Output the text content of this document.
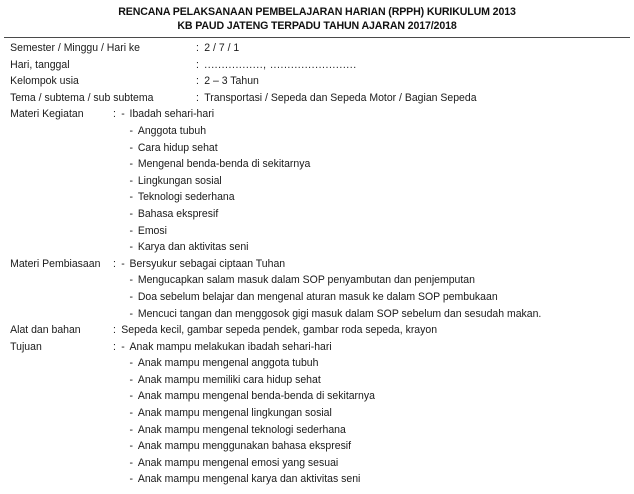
RENCANA PELAKSANAAN PEMBELAJARAN HARIAN (RPPH) KURIKULUM 2013
KB PAUD JATENG TERPADU TAHUN AJARAN 2017/2018
Semester / Minggu / Hari ke	: 2 / 7 / 1
Hari, tanggal	: ................., .........................
Kelompok usia	: 2 – 3 Tahun
Tema / subtema / sub subtema	: Transportasi / Sepeda dan Sepeda Motor / Bagian Sepeda
Materi Kegiatan	: - Ibadah sehari-hari
- Anggota tubuh
- Cara hidup sehat
- Mengenal benda-benda di sekitarnya
- Lingkungan sosial
- Teknologi sederhana
- Bahasa ekspresif
- Emosi
- Karya dan aktivitas seni
Materi Pembiasaan	: - Bersyukur sebagai ciptaan Tuhan
- Mengucapkan salam masuk dalam SOP penyambutan dan penjemputan
- Doa sebelum belajar dan mengenal aturan masuk ke dalam SOP pembukaan
- Mencuci tangan dan menggosok gigi masuk dalam SOP sebelum dan sesudah makan.
Alat dan bahan	: Sepeda kecil, gambar sepeda pendek, gambar roda sepeda, krayon
Tujuan	: - Anak mampu melakukan ibadah sehari-hari
- Anak mampu mengenal anggota tubuh
- Anak mampu memiliki cara hidup sehat
- Anak mampu mengenal benda-benda di sekitarnya
- Anak mampu mengenal lingkungan sosial
- Anak mampu mengenal teknologi sederhana
- Anak mampu menggunakan bahasa ekspresif
- Anak mampu mengenal emosi yang sesuai
- Anak mampu mengenal karya dan aktivitas seni
